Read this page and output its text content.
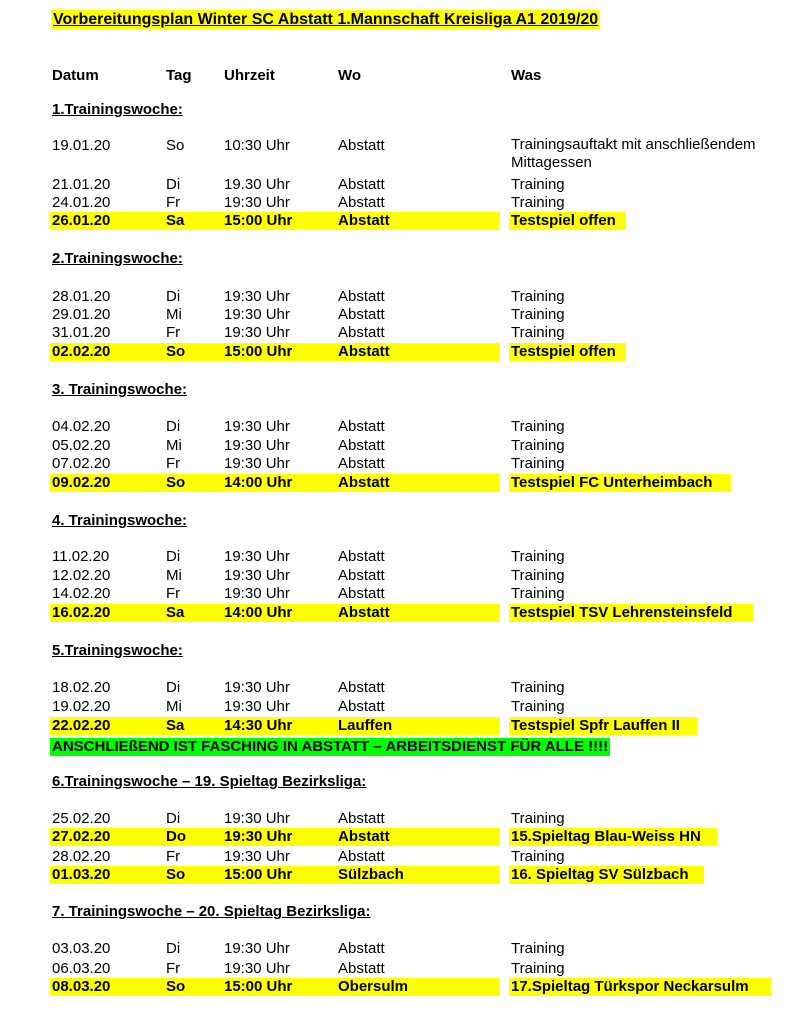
Vorbereitungsplan Winter SC Abstatt 1.Mannschaft Kreisliga A1 2019/20
Datum	Tag Uhrzeit	Wo	Was
1.Trainingswoche:
2.Trainingswoche:
3. Trainingswoche:
4. Trainingswoche:
5.Trainingswoche:
6.Trainingswoche – 19. Spieltag Bezirksliga:
7. Trainingswoche – 20. Spieltag Bezirksliga:
19.01.20	So	10:30 Uhr	Abstatt	Trainingsauftakt mit anschließendem Mittagessen
21.01.20	Di	19.30 Uhr	Abstatt	Training
24.01.20	Fr	19:30 Uhr	Abstatt	Training
26.01.20	Sa	15:00 Uhr	Abstatt	Testspiel offen
28.01.20	Di	19:30 Uhr	Abstatt	Training
29.01.20	Mi	19:30 Uhr	Abstatt	Training
31.01.20	Fr	19:30 Uhr	Abstatt	Training
02.02.20	So	15:00 Uhr	Abstatt	Testspiel offen
04.02.20	Di	19:30 Uhr	Abstatt	Training
05.02.20	Mi	19:30 Uhr	Abstatt	Training
07.02.20	Fr	19:30 Uhr	Abstatt	Training
09.02.20	So	14:00 Uhr	Abstatt	Testspiel FC Unterheimbach
11.02.20	Di	19:30 Uhr	Abstatt	Training
12.02.20	Mi	19:30 Uhr	Abstatt	Training
14.02.20	Fr	19:30 Uhr	Abstatt	Training
16.02.20	Sa	14:00 Uhr	Abstatt	Testspiel TSV Lehrensteinsfeld
18.02.20	Di	19:30 Uhr	Abstatt	Training
19.02.20	Mi	19:30 Uhr	Abstatt	Training
22.02.20	Sa	14:30 Uhr	Lauffen	Testspiel Spfr Lauffen II
ANSCHLIEßEND IST FASCHING IN ABSTATT – ARBEITSDIENST FÜR ALLE !!!!
25.02.20	Di	19:30 Uhr	Abstatt	Training
27.02.20	Do	19:30 Uhr	Abstatt	15.Spieltag Blau-Weiss HN
28.02.20	Fr	19:30 Uhr	Abstatt	Training
01.03.20	So	15:00 Uhr	Sülzbach	16. Spieltag SV Sülzbach
03.03.20	Di	19:30 Uhr	Abstatt	Training
06.03.20	Fr	19:30 Uhr	Abstatt	Training
08.03.20	So	15:00 Uhr	Obersulm	17.Spieltag Türkspor Neckarsulm
